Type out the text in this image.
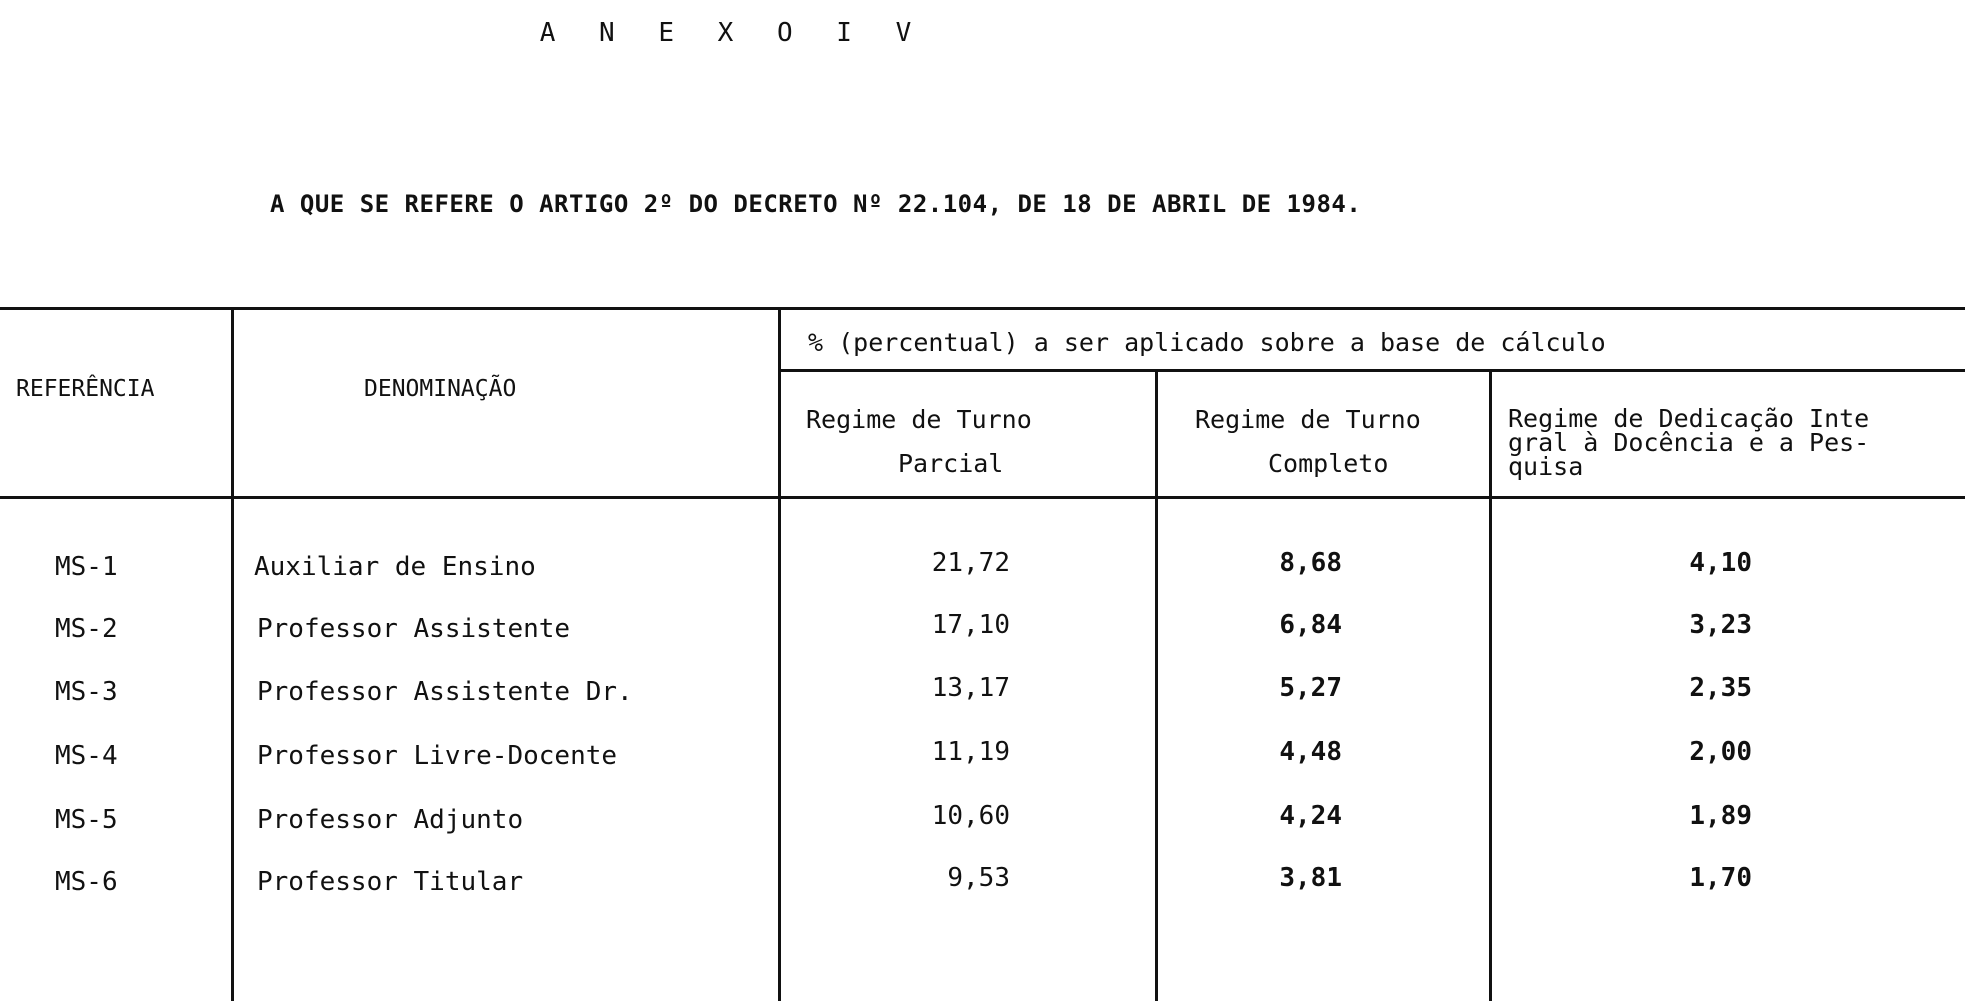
A N E X O I V
A QUE SE REFERE O ARTIGO 2º DO DECRETO Nº 22.104, DE 18 DE ABRIL DE 1984.
REFERÊNCIA	DENOMINAÇÃO
% (percentual) a ser aplicado sobre a base de cálculo
Regime de Turno
Parcial
Regime de Turno
Completo
Regime de Dedicação Inte
gral à Docência e a Pes-
quisa
MS-1	Auxiliar de Ensino	21,72	8,68	4,10
MS-2	Professor Assistente	17,10	6,84	3,23
MS-3	Professor Assistente Dr.	13,17	5,27	2,35
MS-4	Professor Livre-Docente	11,19	4,48	2,00
MS-5	Professor Adjunto	10,60	4,24	1,89
MS-6	Professor Titular	9,53	3,81	1,70
